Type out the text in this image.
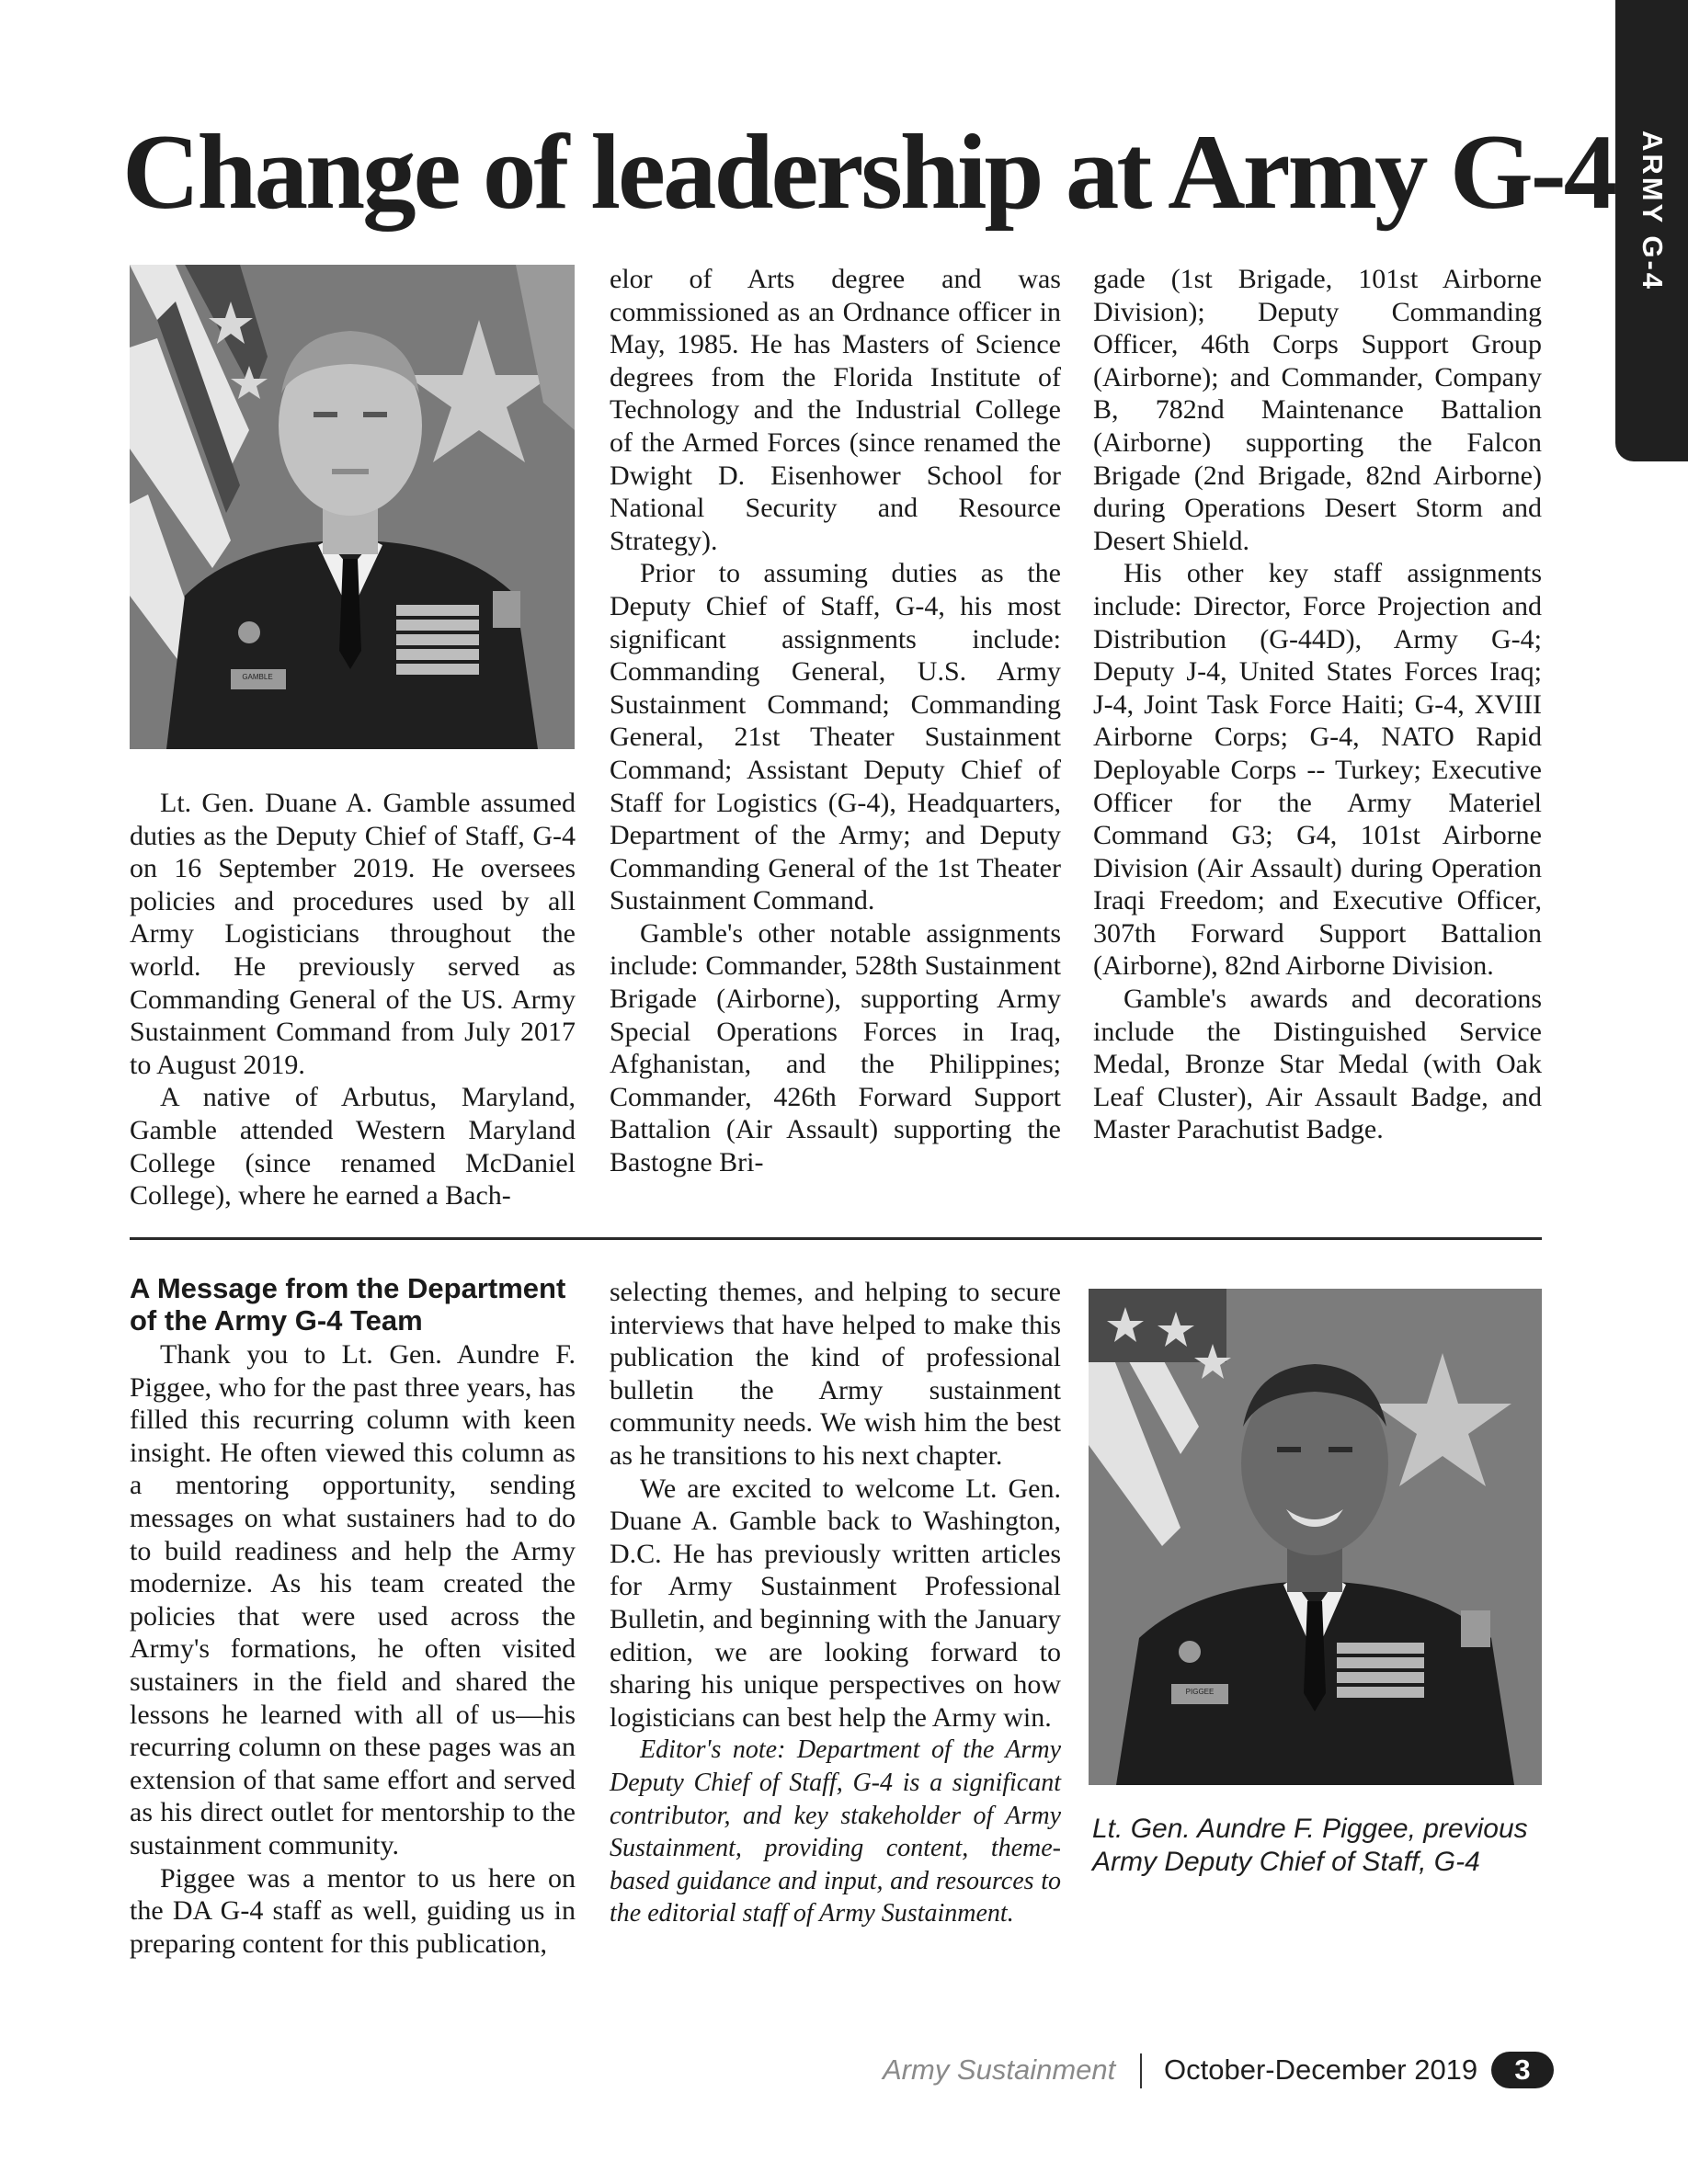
ARMY G-4
Change of leadership at Army G-4
GAMBLE

Lt. Gen. Duane A. Gamble assumed duties as the Deputy Chief of Staff, G-4 on 16 September 2019. He oversees policies and procedures used by all Army Logisticians throughout the world. He previously served as Commanding General of the US. Army Sustainment Command from July 2017 to August 2019.

A native of Arbutus, Maryland, Gamble attended Western Maryland College (since renamed McDaniel College), where he earned a Bach-

elor of Arts degree and was commissioned as an Ordnance officer in May, 1985. He has Masters of Science degrees from the Florida Institute of Technology and the Industrial College of the Armed Forces (since renamed the Dwight D. Eisenhower School for National Security and Resource Strategy).

Prior to assuming duties as the Deputy Chief of Staff, G-4, his most significant assignments include: Commanding General, U.S. Army Sustainment Command; Commanding General, 21st Theater Sustainment Command; Assistant Deputy Chief of Staff for Logistics (G-4), Headquarters, Department of the Army; and Deputy Commanding General of the 1st Theater Sustainment Command.

Gamble's other notable assignments include: Commander, 528th Sustainment Brigade (Airborne), supporting Army Special Operations Forces in Iraq, Afghanistan, and the Philippines; Commander, 426th Forward Support Battalion (Air Assault) supporting the Bastogne Bri-

gade (1st Brigade, 101st Airborne Division); Deputy Commanding Officer, 46th Corps Support Group (Airborne); and Commander, Company B, 782nd Maintenance Battalion (Airborne) supporting the Falcon Brigade (2nd Brigade, 82nd Airborne) during Operations Desert Storm and Desert Shield.

His other key staff assignments include: Director, Force Projection and Distribution (G-44D), Army G-4; Deputy J-4, United States Forces Iraq; J-4, Joint Task Force Haiti; G-4, XVIII Airborne Corps; G-4, NATO Rapid Deployable Corps -- Turkey; Executive Officer for the Army Materiel Command G3; G4, 101st Airborne Division (Air Assault) during Operation Iraqi Freedom; and Executive Officer, 307th Forward Support Battalion (Airborne), 82nd Airborne Division.

Gamble's awards and decorations include the Distinguished Service Medal, Bronze Star Medal (with Oak Leaf Cluster), Air Assault Badge, and Master Parachutist Badge.

A Message from the Department
of the Army G-4 Team

Thank you to Lt. Gen. Aundre F. Piggee, who for the past three years, has filled this recurring column with keen insight. He often viewed this column as a mentoring opportunity, sending messages on what sustainers had to do to build readiness and help the Army modernize. As his team created the policies that were used across the Army's formations, he often visited sustainers in the field and shared the lessons he learned with all of us—his recurring column on these pages was an extension of that same effort and served as his direct outlet for mentorship to the sustainment community.

Piggee was a mentor to us here on the DA G-4 staff as well, guiding us in preparing content for this publication,

selecting themes, and helping to secure interviews that have helped to make this publication the kind of professional bulletin the Army sustainment community needs. We wish him the best as he transitions to his next chapter.

We are excited to welcome Lt. Gen. Duane A. Gamble back to Washington, D.C. He has previously written articles for Army Sustainment Professional Bulletin, and beginning with the January edition, we are looking forward to sharing his unique perspectives on how logisticians can best help the Army win.

Editor's note: Department of the Army Deputy Chief of Staff, G-4 is a significant contributor, and key stakeholder of Army Sustainment, providing content, theme-based guidance and input, and resources to the editorial staff of Army Sustainment.

PIGGEE
Lt. Gen. Aundre F. Piggee, previous Army Deputy Chief of Staff, G-4
Army Sustainment October-December 2019	3
